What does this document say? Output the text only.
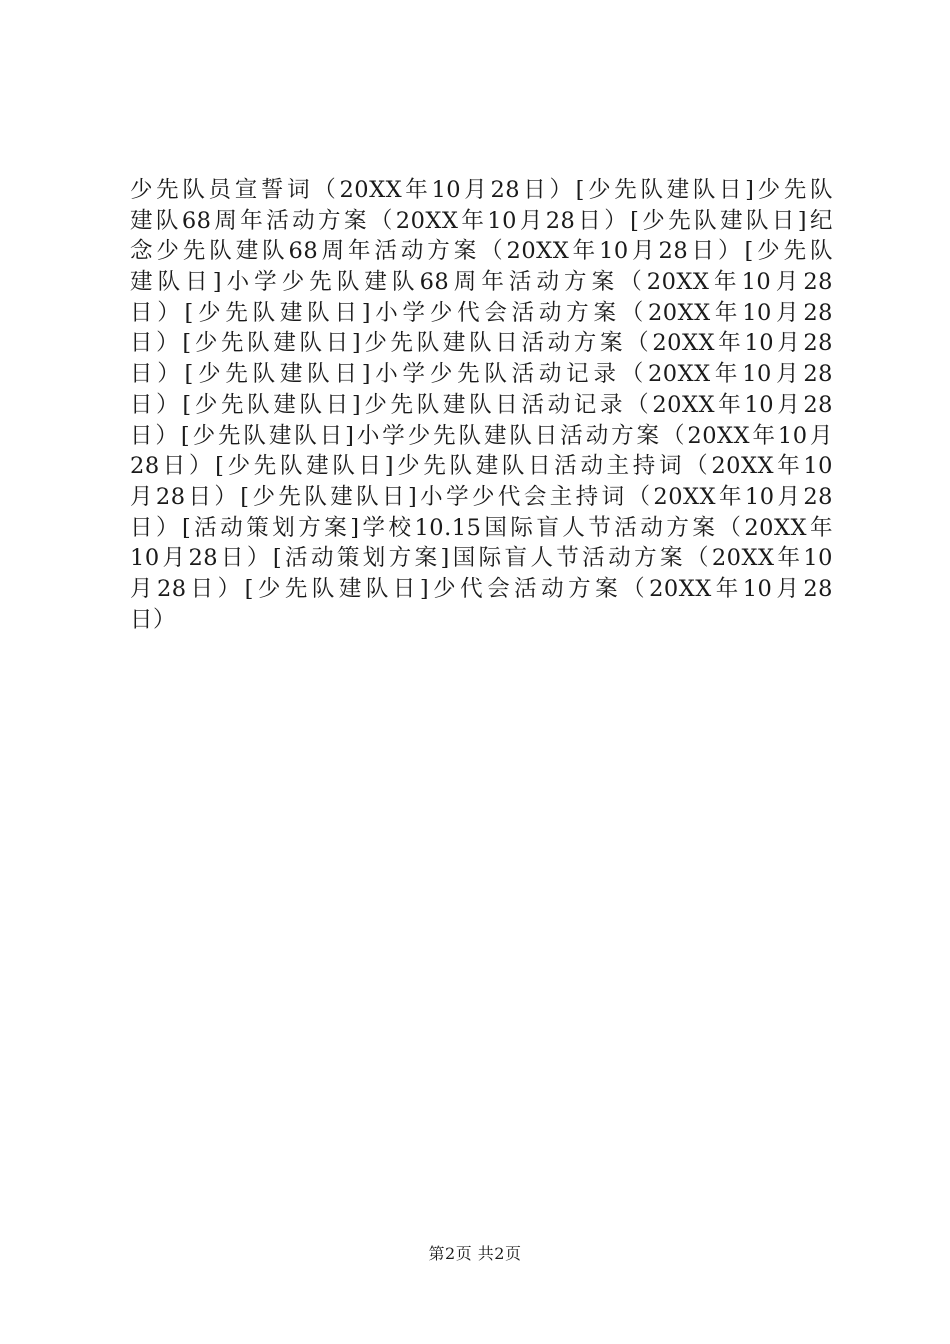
少先队员宣誓词（20XX年10月28日）[少先队建队日]少先队
建队68周年活动方案（20XX年10月28日）[少先队建队日]纪
念少先队建队68周年活动方案（20XX年10月28日）[少先队
建队日]小学少先队建队68周年活动方案（20XX年10月28
日）[少先队建队日]小学少代会活动方案（20XX年10月28
日）[少先队建队日]少先队建队日活动方案（20XX年10月28
日）[少先队建队日]小学少先队活动记录（20XX年10月28
日）[少先队建队日]少先队建队日活动记录（20XX年10月28
日）[少先队建队日]小学少先队建队日活动方案（20XX年10月
28日）[少先队建队日]少先队建队日活动主持词（20XX年10
月28日）[少先队建队日]小学少代会主持词（20XX年10月28
日）[活动策划方案]学校10.15国际盲人节活动方案（20XX年
10月28日）[活动策划方案]国际盲人节活动方案（20XX年10
月28日）[少先队建队日]少代会活动方案（20XX年10月28
日）
第2页 共2页
